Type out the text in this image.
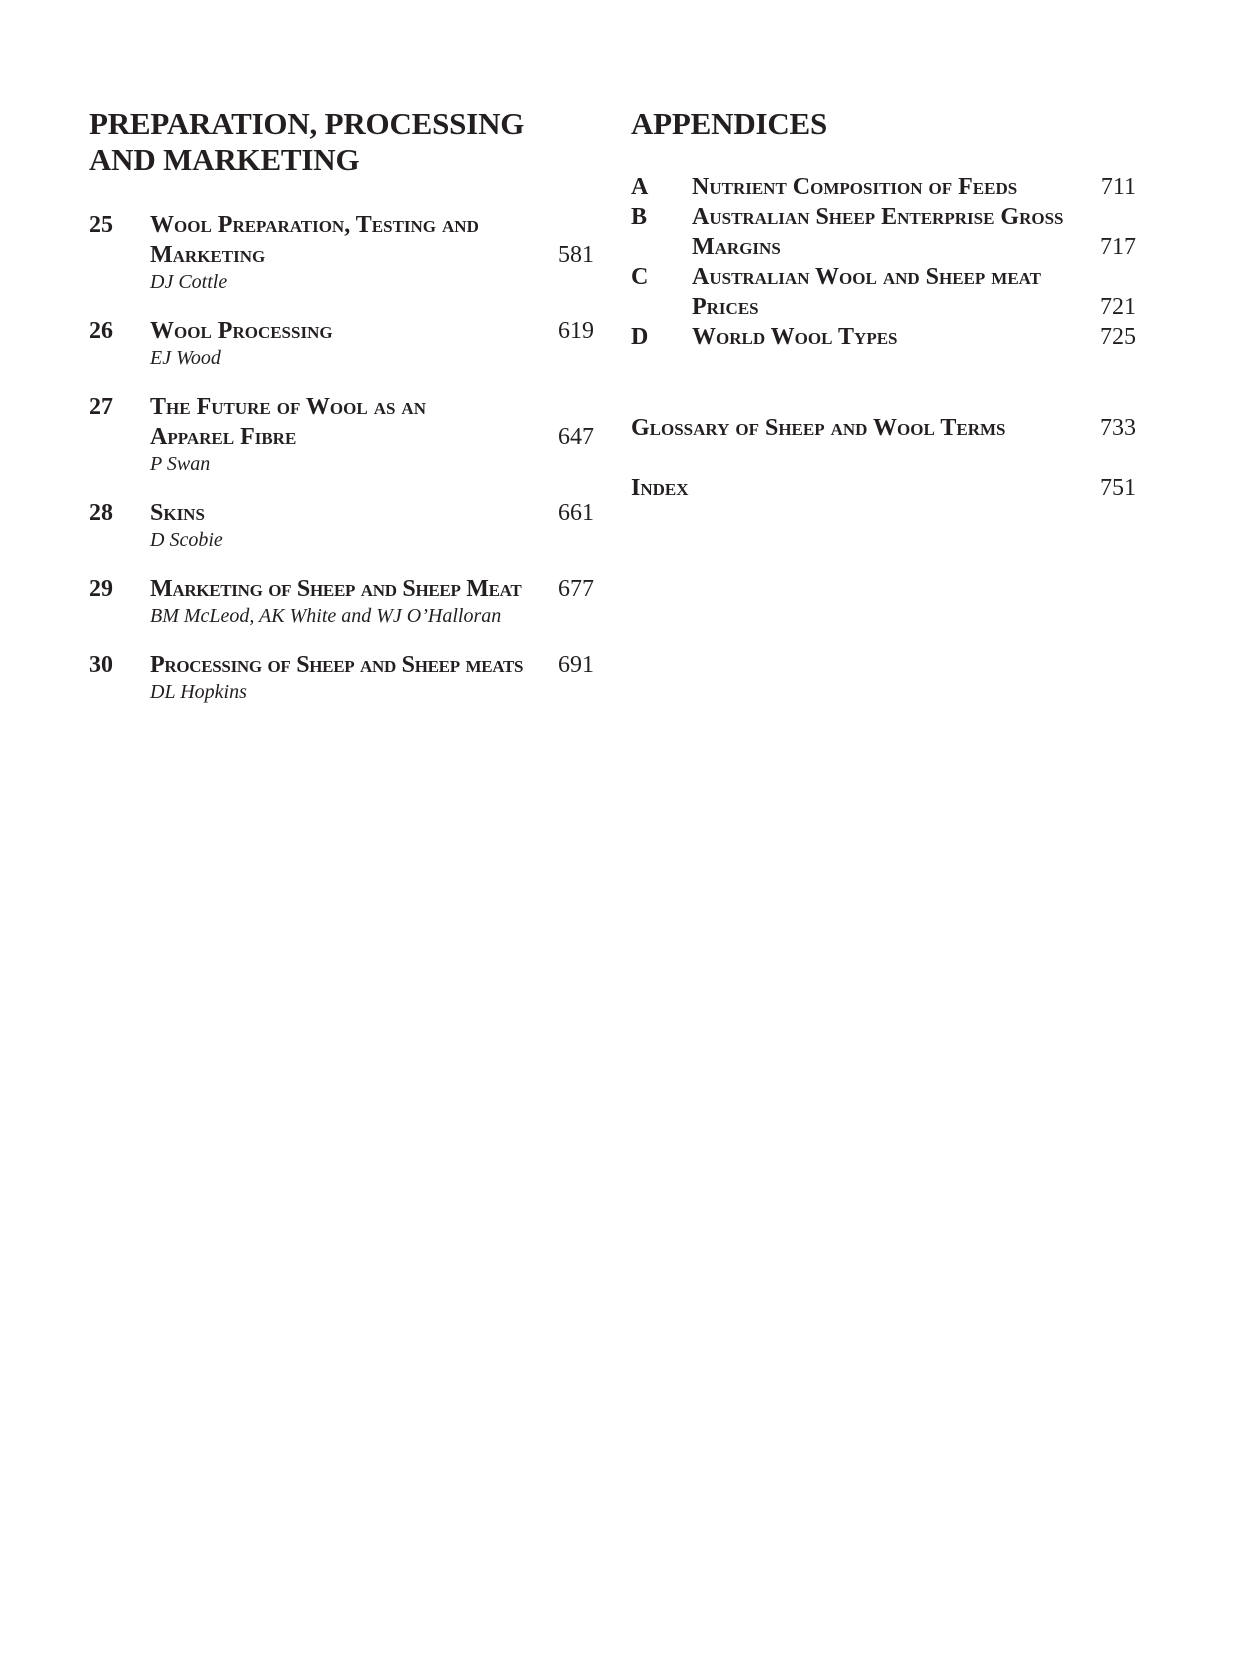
PREPARATION, PROCESSING AND MARKETING
25	Wool Preparation, Testing and Marketing	581
DJ Cottle
26	Wool Processing	619
EJ Wood
27	The Future of Wool as an Apparel Fibre	647
P Swan
28	Skins	661
D Scobie
29	Marketing of Sheep and Sheep Meat	677
BM McLeod, AK White and WJ O’Halloran
30	Processing of Sheep and Sheep meats	691
DL Hopkins
APPENDICES
A	Nutrient Composition of Feeds	711
B	Australian Sheep Enterprise Gross Margins	717
C	Australian Wool and Sheep meat Prices	721
D	World Wool Types	725
Glossary of Sheep and Wool Terms	733
Index	751
